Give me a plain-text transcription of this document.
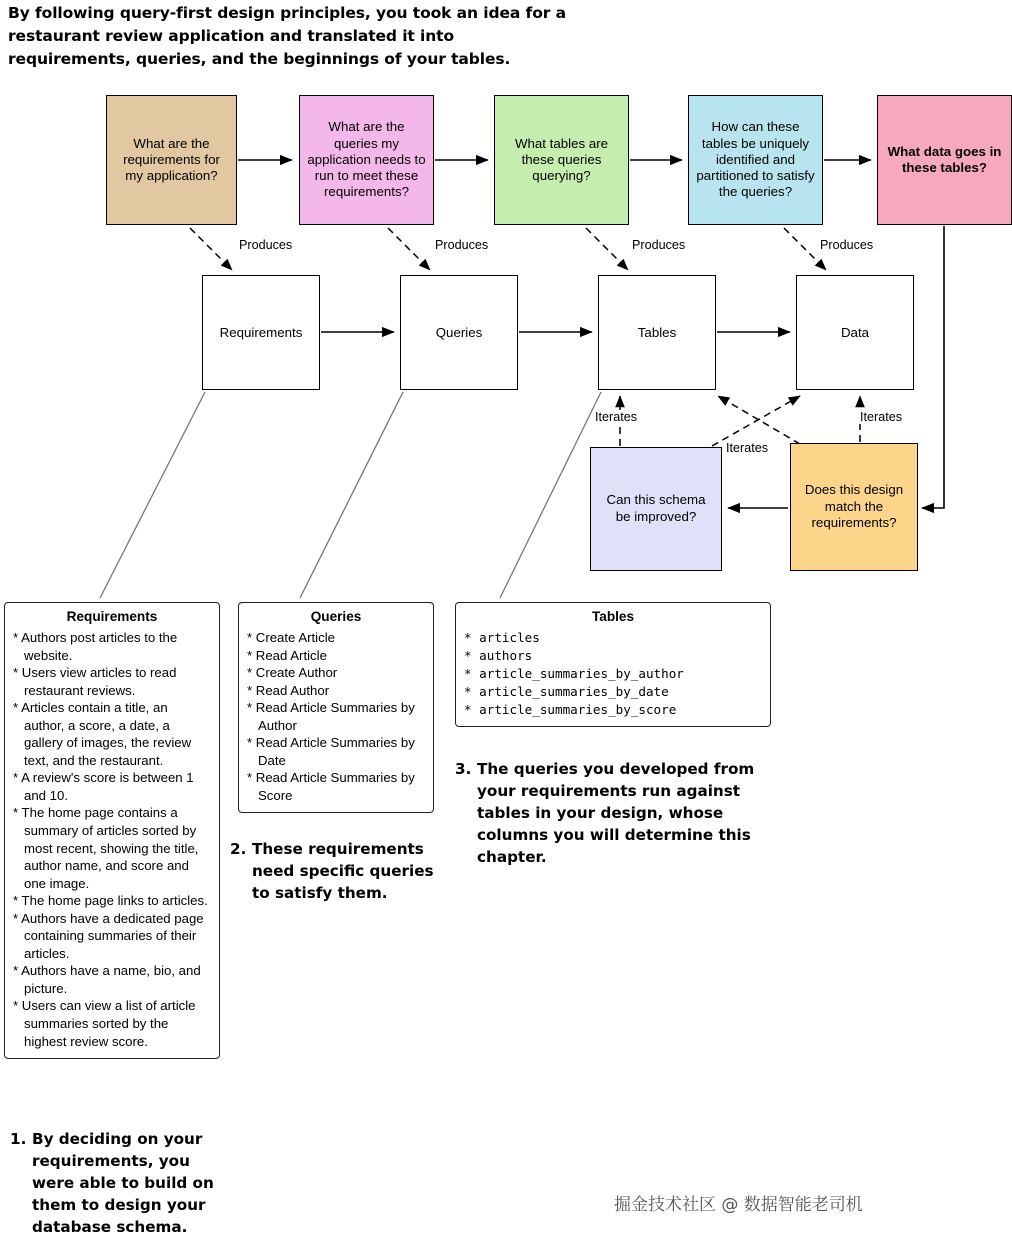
By following query-first design principles, you took an idea for a restaurant review application and translated it into requirements, queries, and the beginnings of your tables.
What are the requirements for my application?
What are the queries my application needs to run to meet these requirements?
What tables are these queries querying?
How can these tables be uniquely identified and partitioned to satisfy the queries?
What data goes in these tables?
Produces	Produces	Produces	Produces
Requirements	Queries	Tables	Data
Iterates	Iterates
Iterates
Can this schema be improved?
Does this design match the requirements?
Requirements
* Authors post articles to the website.
* Users view articles to read restaurant reviews.
* Articles contain a title, an author, a score, a date, a gallery of images, the review text, and the restaurant.
* A review's score is between 1 and 10.
* The home page contains a summary of articles sorted by most recent, showing the title, author name, and score and one image.
* The home page links to articles.
* Authors have a dedicated page containing summaries of their articles.
* Authors have a name, bio, and picture.
* Users can view a list of article summaries sorted by the highest review score.
Queries
* Create Article
* Read Article
* Create Author
* Read Author
* Read Article Summaries by Author
* Read Article Summaries by Date
* Read Article Summaries by Score
Tables
* articles
* authors
* article_summaries_by_author
* article_summaries_by_date
* article_summaries_by_score
1. By deciding on your requirements, you were able to build on them to design your database schema.
2. These requirements need specific queries to satisfy them.
3. The queries you developed from your requirements run against tables in your design, whose columns you will determine this chapter.
掘金技术社区 @ 数据智能老司机
